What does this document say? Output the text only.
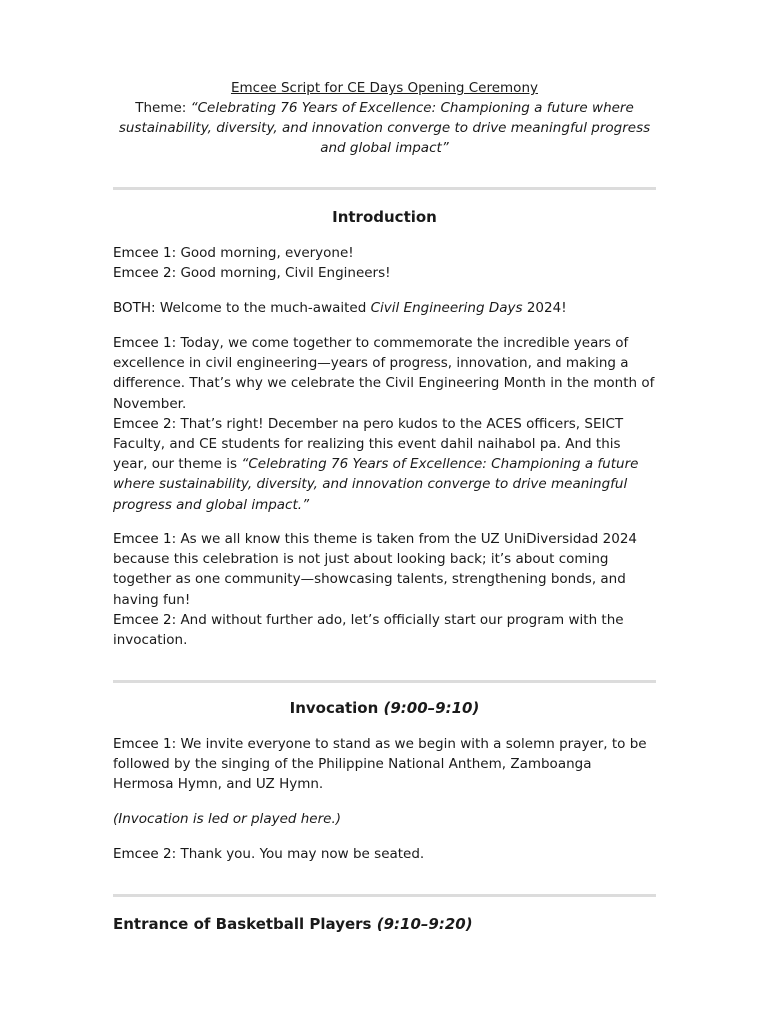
Emcee Script for CE Days Opening Ceremony

Theme: “Celebrating 76 Years of Excellence: Championing a future where sustainability, diversity, and innovation converge to drive meaningful progress and global impact”

Introduction

Emcee 1: Good morning, everyone!
Emcee 2: Good morning, Civil Engineers!

BOTH: Welcome to the much-awaited Civil Engineering Days 2024!

Emcee 1: Today, we come together to commemorate the incredible years of excellence in civil engineering—years of progress, innovation, and making a difference. That’s why we celebrate the Civil Engineering Month in the month of November.
Emcee 2: That’s right! December na pero kudos to the ACES officers, SEICT Faculty, and CE students for realizing this event dahil naihabol pa. And this year, our theme is “Celebrating 76 Years of Excellence: Championing a future where sustainability, diversity, and innovation converge to drive meaningful progress and global impact.”

Emcee 1: As we all know this theme is taken from the UZ UniDiversidad 2024 because this celebration is not just about looking back; it’s about coming together as one community—showcasing talents, strengthening bonds, and having fun!
Emcee 2: And without further ado, let’s officially start our program with the invocation.

Invocation (9:00–9:10)

Emcee 1: We invite everyone to stand as we begin with a solemn prayer, to be followed by the singing of the Philippine National Anthem, Zamboanga Hermosa Hymn, and UZ Hymn.

(Invocation is led or played here.)

Emcee 2: Thank you. You may now be seated.

Entrance of Basketball Players (9:10–9:20)
